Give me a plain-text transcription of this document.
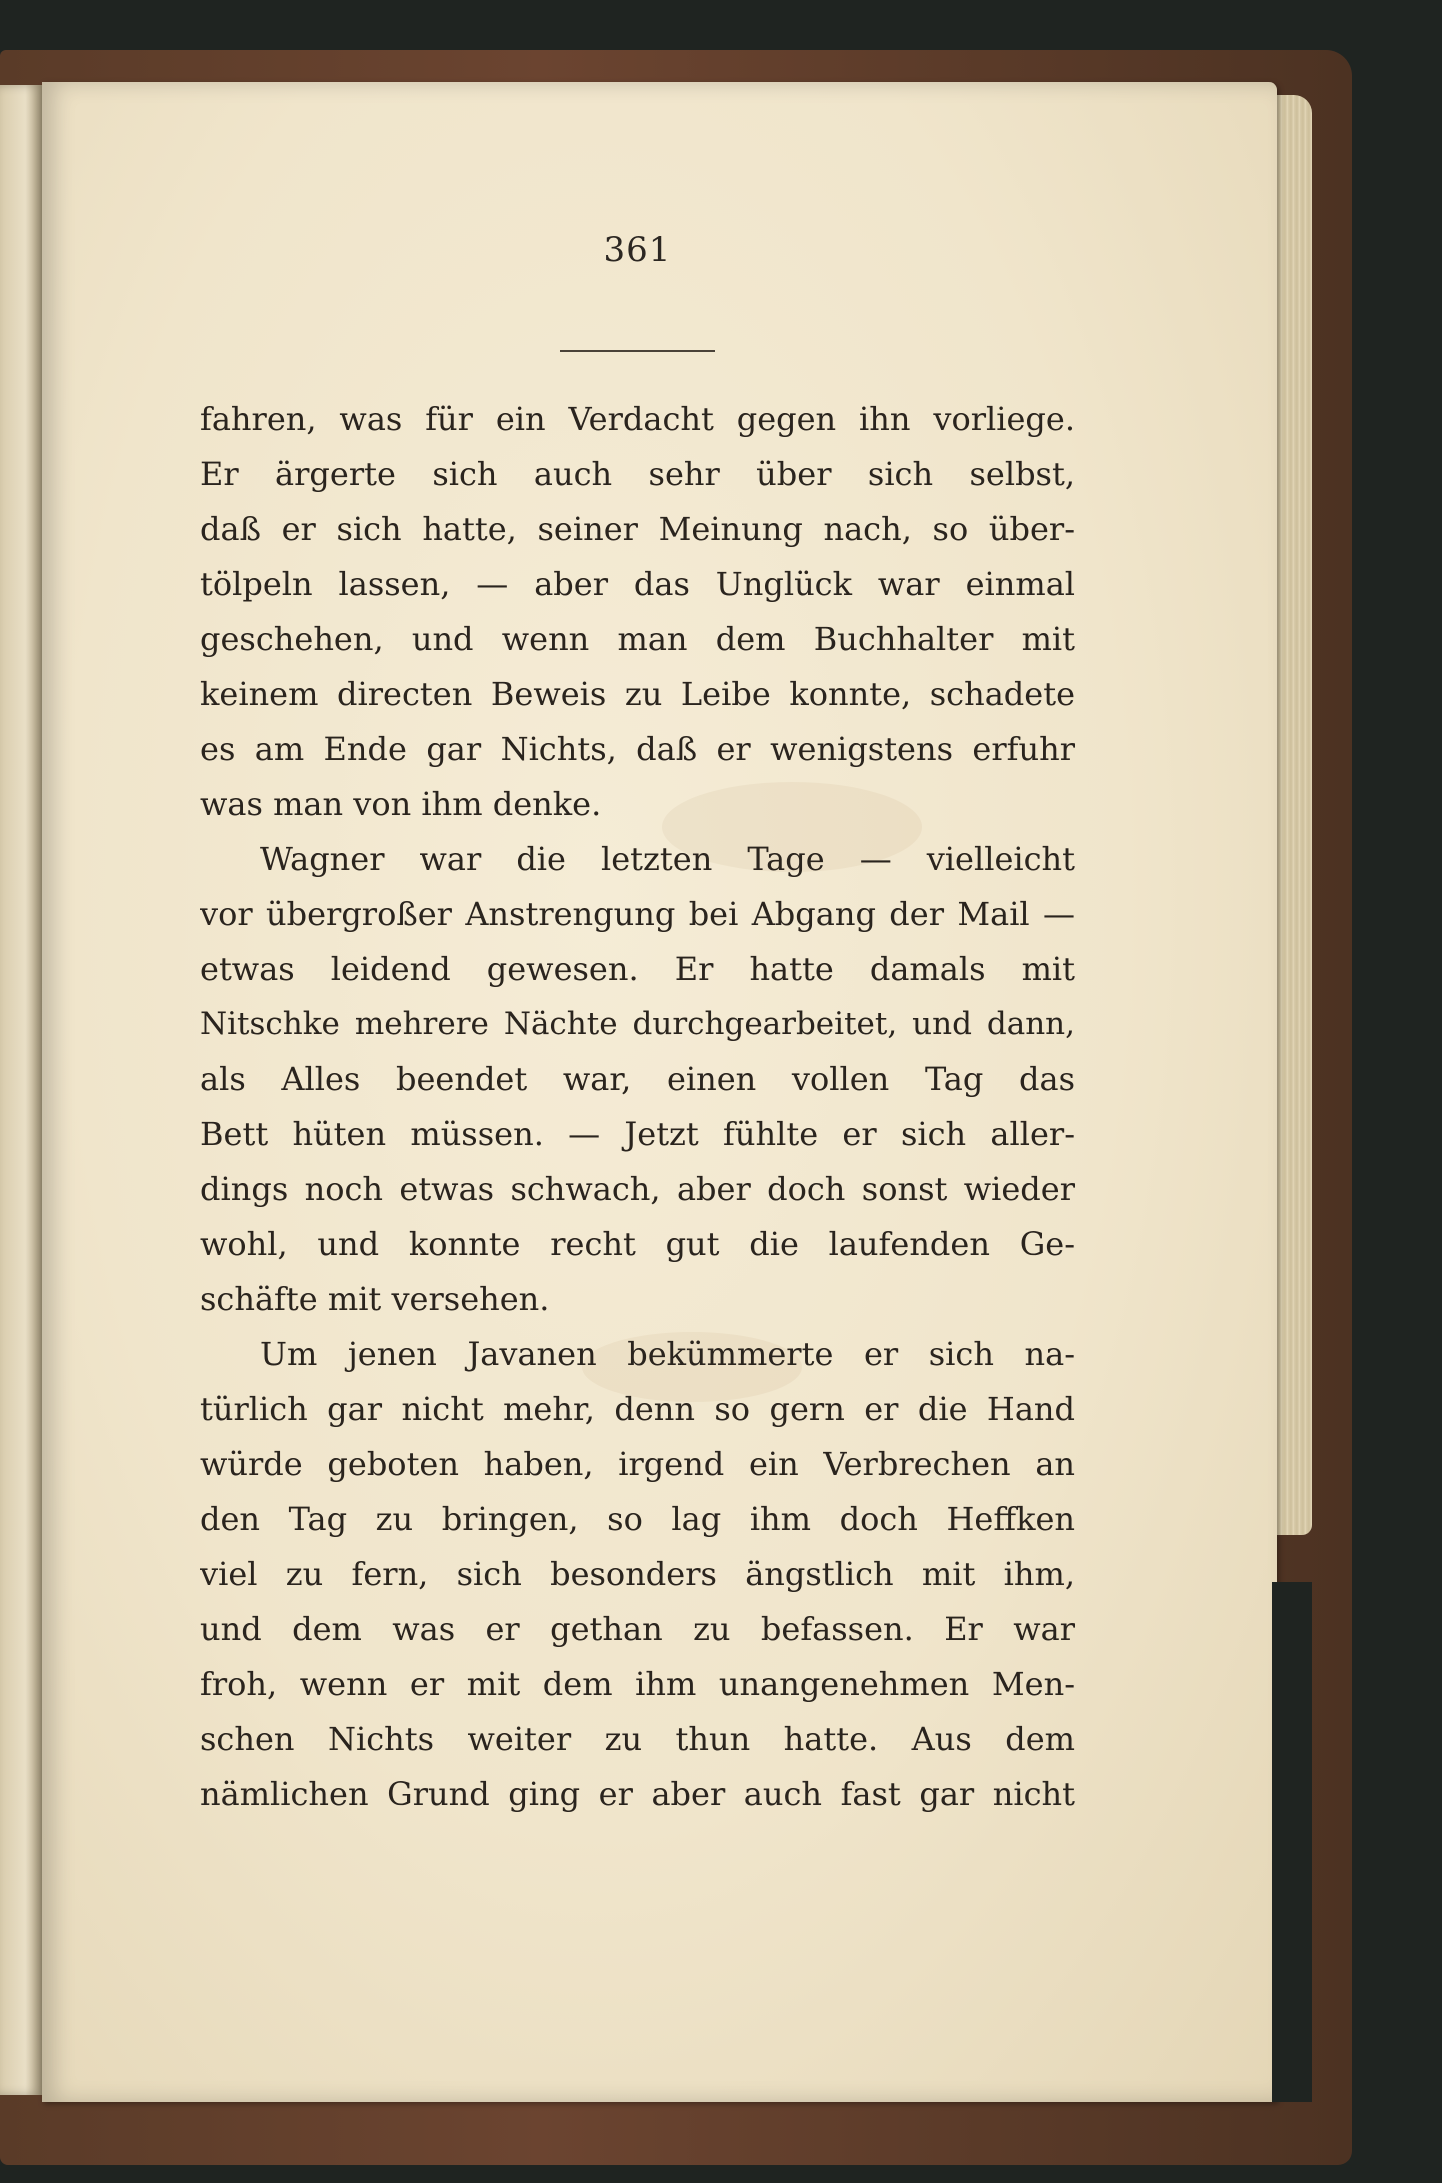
361
fahren, was für ein Verdacht gegen ihn vorliege.
Er ärgerte sich auch sehr über sich selbst,
daß er sich hatte, seiner Meinung nach, so über-
tölpeln lassen, — aber das Unglück war einmal
geschehen, und wenn man dem Buchhalter mit
keinem directen Beweis zu Leibe konnte, schadete
es am Ende gar Nichts, daß er wenigstens erfuhr
was man von ihm denke.
Wagner war die letzten Tage — vielleicht
vor übergroßer Anstrengung bei Abgang der Mail —
etwas leidend gewesen. Er hatte damals mit
Nitschke mehrere Nächte durchgearbeitet, und dann,
als Alles beendet war, einen vollen Tag das
Bett hüten müssen. — Jetzt fühlte er sich aller-
dings noch etwas schwach, aber doch sonst wieder
wohl, und konnte recht gut die laufenden Ge-
schäfte mit versehen.
Um jenen Javanen bekümmerte er sich na-
türlich gar nicht mehr, denn so gern er die Hand
würde geboten haben, irgend ein Verbrechen an
den Tag zu bringen, so lag ihm doch Heffken
viel zu fern, sich besonders ängstlich mit ihm,
und dem was er gethan zu befassen. Er war
froh, wenn er mit dem ihm unangenehmen Men-
schen Nichts weiter zu thun hatte. Aus dem
nämlichen Grund ging er aber auch fast gar nicht
